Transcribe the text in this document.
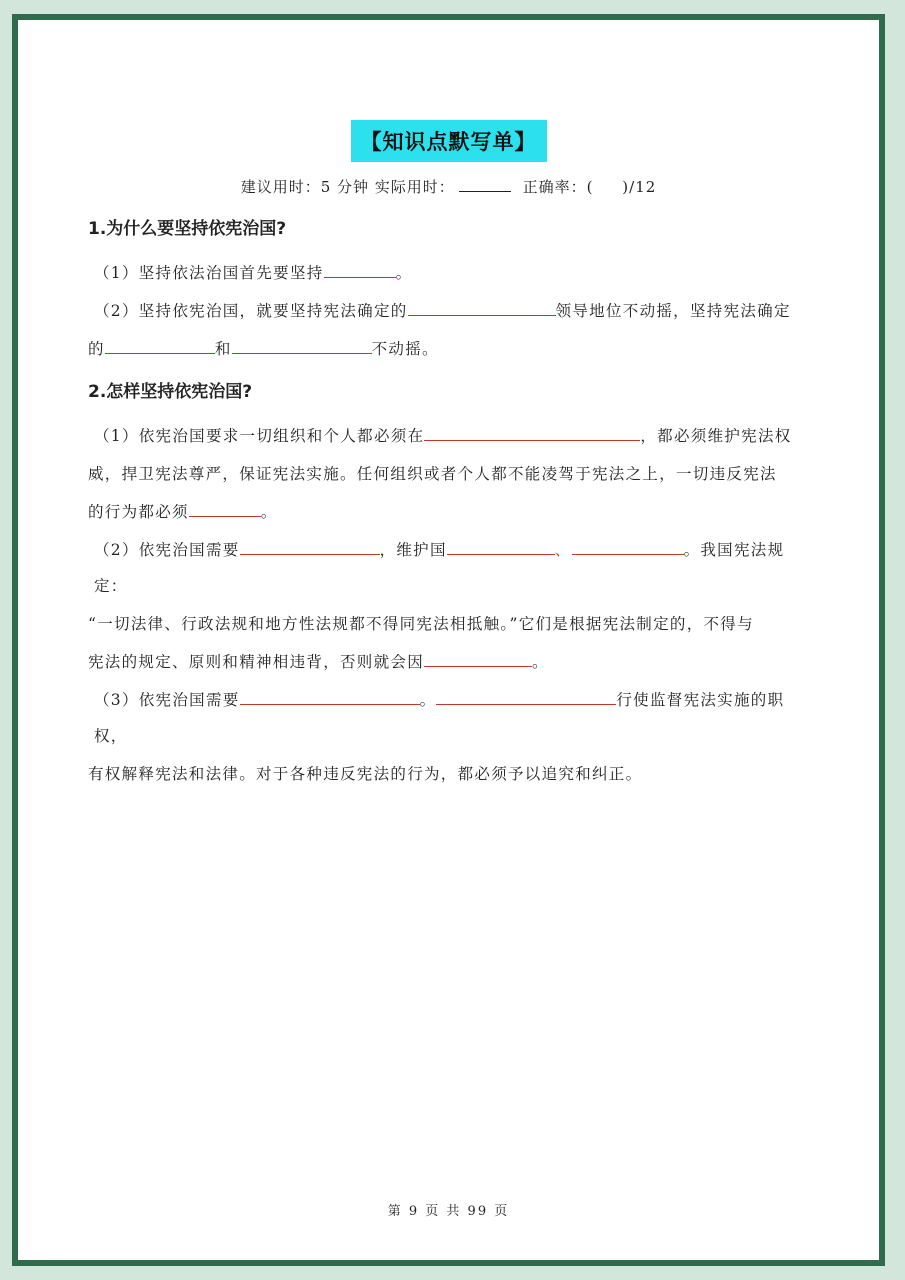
【知识点默写单】
建议用时：5 分钟 实际用时：	正确率：( )/12
1.为什么要坚持依宪治国?
（1）坚持依法治国首先要坚持	。
（2）坚持依宪治国，就要坚持宪法确定的	领导地位不动摇，坚持宪法确定
的	和	不动摇。
2.怎样坚持依宪治国?
（1）依宪治国要求一切组织和个人都必须在	，都必须维护宪法权
威，捍卫宪法尊严，保证宪法实施。任何组织或者个人都不能凌驾于宪法之上，一切违反宪法
的行为都必须	。
（2）依宪治国需要	，维护国	、	。我国宪法规定：
“一切法律、行政法规和地方性法规都不得同宪法相抵触。”它们是根据宪法制定的，不得与
宪法的规定、原则和精神相违背，否则就会因	。
（3）依宪治国需要	。	行使监督宪法实施的职权，
有权解释宪法和法律。对于各种违反宪法的行为，都必须予以追究和纠正。
第 9 页 共 99 页
